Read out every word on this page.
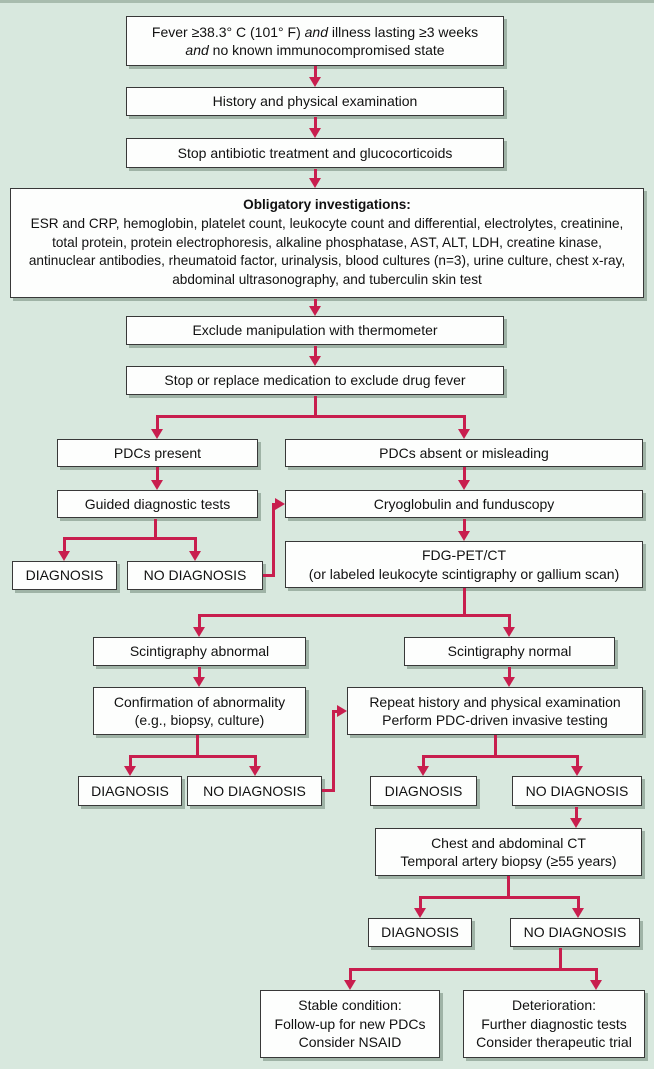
Fever ≥38.3° C (101° F) and illness lasting ≥3 weeks
and no known immunocompromised state
History and physical examination
Stop antibiotic treatment and glucocorticoids
Obligatory investigations:
ESR and CRP, hemoglobin, platelet count, leukocyte count and differential, electrolytes, creatinine, total protein, protein electrophoresis, alkaline phosphatase, AST, ALT, LDH, creatine kinase, antinuclear antibodies, rheumatoid factor, urinalysis, blood cultures (n=3), urine culture, chest x-ray, abdominal ultrasonography, and tuberculin skin test
Exclude manipulation with thermometer
Stop or replace medication to exclude drug fever
PDCs present	PDCs absent or misleading
Guided diagnostic tests	Cryoglobulin and funduscopy
DIAGNOSIS	NO DIAGNOSIS
FDG-PET/CT
(or labeled leukocyte scintigraphy or gallium scan)
Scintigraphy abnormal	Scintigraphy normal
Confirmation of abnormality
(e.g., biopsy, culture)
Repeat history and physical examination
Perform PDC-driven invasive testing
DIAGNOSIS NO DIAGNOSIS	DIAGNOSIS	NO DIAGNOSIS
Chest and abdominal CT
Temporal artery biopsy (≥55 years)
DIAGNOSIS	NO DIAGNOSIS
Stable condition:
Follow-up for new PDCs
Consider NSAID
Deterioration:
Further diagnostic tests
Consider therapeutic trial
